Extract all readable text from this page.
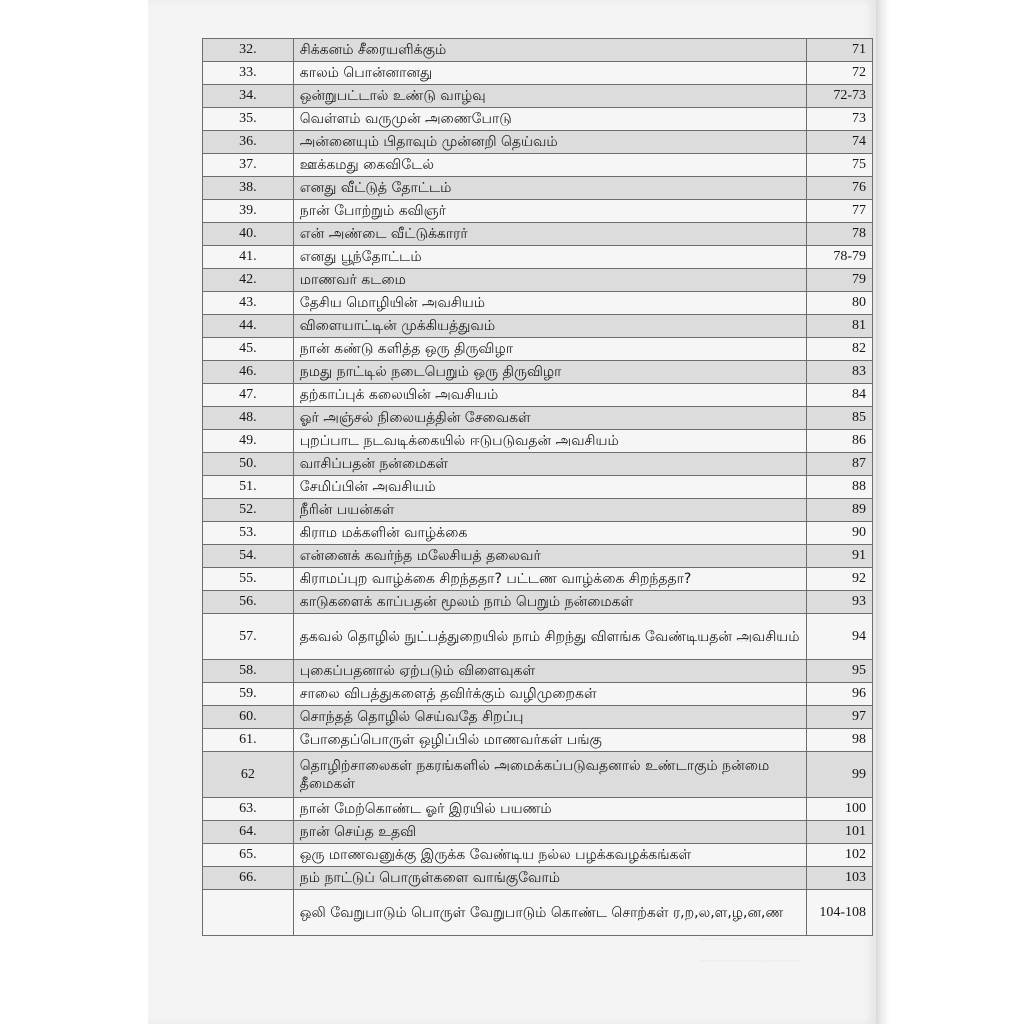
32.	சிக்கனம் சீரையளிக்கும்	71
33.	காலம் பொன்னானது	72
34.	ஒன்றுபட்டால் உண்டு வாழ்வு	72-73
35.	வெள்ளம் வருமுன் அணைபோடு	73
36.	அன்னையும் பிதாவும் முன்னறி தெய்வம்	74
37.	ஊக்கமது கைவிடேல்	75
38.	எனது வீட்டுத் தோட்டம்	76
39.	நான் போற்றும் கவிஞர்	77
40.	என் அண்டை வீட்டுக்காரர்	78
41.	எனது பூந்தோட்டம்	78-79
42.	மாணவர் கடமை	79
43.	தேசிய மொழியின் அவசியம்	80
44.	விளையாட்டின் முக்கியத்துவம்	81
45.	நான் கண்டு களித்த ஒரு திருவிழா	82
46.	நமது நாட்டில் நடைபெறும் ஒரு திருவிழா	83
47.	தற்காப்புக் கலையின் அவசியம்	84
48.	ஓர் அஞ்சல் நிலையத்தின் சேவைகள்	85
49.	புறப்பாட நடவடிக்கையில் ஈடுபடுவதன் அவசியம்	86
50.	வாசிப்பதன் நன்மைகள்	87
51.	சேமிப்பின் அவசியம்	88
52.	நீரின் பயன்கள்	89
53.	கிராம மக்களின் வாழ்க்கை	90
54.	என்னைக் கவர்ந்த மலேசியத் தலைவர்	91
55.	கிராமப்புற வாழ்க்கை சிறந்ததா? பட்டண வாழ்க்கை சிறந்ததா?	92
56.	காடுகளைக் காப்பதன் மூலம் நாம் பெறும் நன்மைகள்	93
57.	தகவல் தொழில் நுட்பத்துறையில் நாம் சிறந்து விளங்க வேண்டியதன் அவசியம்	94
58.	புகைப்பதனால் ஏற்படும் விளைவுகள்	95
59.	சாலை விபத்துகளைத் தவிர்க்கும் வழிமுறைகள்	96
60.	சொந்தத் தொழில் செய்வதே சிறப்பு	97
61.	போதைப்பொருள் ஒழிப்பில் மாணவர்கள் பங்கு	98
62	தொழிற்சாலைகள் நகரங்களில் அமைக்கப்படுவதனால் உண்டாகும் நன்மை தீமைகள்	99
63.	நான் மேற்கொண்ட ஓர் இரயில் பயணம்	100
64.	நான் செய்த உதவி	101
65.	ஒரு மாணவனுக்கு இருக்க வேண்டிய நல்ல பழக்கவழக்கங்கள்	102
66.	நம் நாட்டுப் பொருள்களை வாங்குவோம்	103
	ஒலி வேறுபாடும் பொருள் வேறுபாடும் கொண்ட சொற்கள் ர,ற,ல,ள,ழ,ன,ண	104-108
